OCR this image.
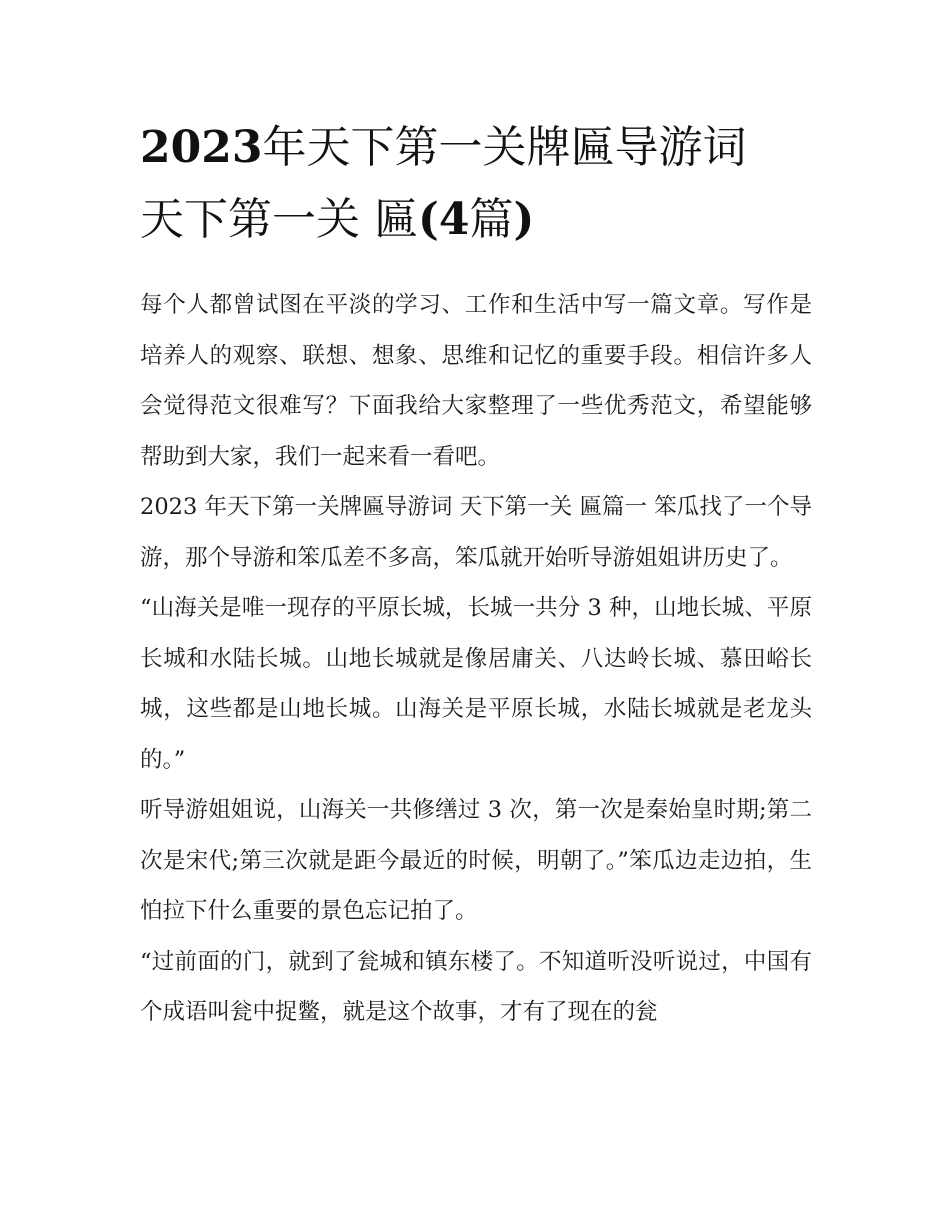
2023年天下第一关牌匾导游词
天下第一关 匾(4篇)

每个人都曾试图在平淡的学习、工作和生活中写一篇文章。写作是培养人的观察、联想、想象、思维和记忆的重要手段。相信许多人会觉得范文很难写？下面我给大家整理了一些优秀范文，希望能够帮助到大家，我们一起来看一看吧。

2023 年天下第一关牌匾导游词 天下第一关 匾篇一 笨瓜找了一个导游，那个导游和笨瓜差不多高，笨瓜就开始听导游姐姐讲历史了。

“山海关是唯一现存的平原长城，长城一共分 3 种，山地长城、平原长城和水陆长城。山地长城就是像居庸关、八达岭长城、慕田峪长城，这些都是山地长城。山海关是平原长城，水陆长城就是老龙头的。”

听导游姐姐说，山海关一共修缮过 3 次，第一次是秦始皇时期;第二次是宋代;第三次就是距今最近的时候，明朝了。”笨瓜边走边拍，生怕拉下什么重要的景色忘记拍了。

“过前面的门，就到了瓮城和镇东楼了。不知道听没听说过，中国有个成语叫瓮中捉鳖，就是这个故事，才有了现在的瓮
